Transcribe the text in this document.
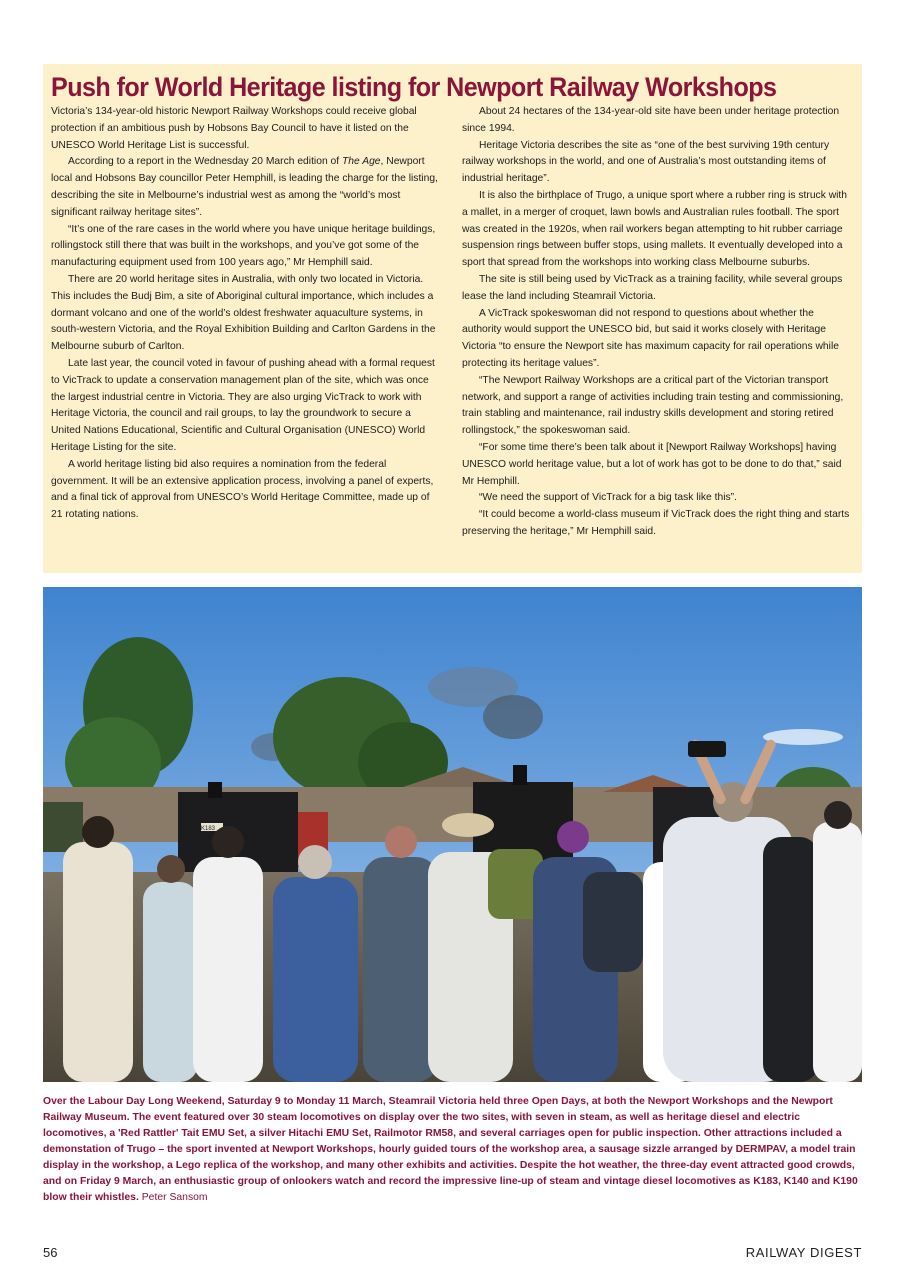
Push for World Heritage listing for Newport Railway Workshops

Victoria’s 134-year-old historic Newport Railway Workshops could receive global protection if an ambitious push by Hobsons Bay Council to have it listed on the UNESCO World Heritage List is successful.

According to a report in the Wednesday 20 March edition of The Age, Newport local and Hobsons Bay councillor Peter Hemphill, is leading the charge for the listing, describing the site in Melbourne’s industrial west as among the “world’s most significant railway heritage sites”.

“It’s one of the rare cases in the world where you have unique heritage buildings, rollingstock still there that was built in the workshops, and you’ve got some of the manufacturing equipment used from 100 years ago,” Mr Hemphill said.

There are 20 world heritage sites in Australia, with only two located in Victoria. This includes the Budj Bim, a site of Aboriginal cultural importance, which includes a dormant volcano and one of the world’s oldest freshwater aquaculture systems, in south-western Victoria, and the Royal Exhibition Building and Carlton Gardens in the Melbourne suburb of Carlton.

Late last year, the council voted in favour of pushing ahead with a formal request to VicTrack to update a conservation management plan of the site, which was once the largest industrial centre in Victoria. They are also urging VicTrack to work with Heritage Victoria, the council and rail groups, to lay the groundwork to secure a United Nations Educational, Scientific and Cultural Organisation (UNESCO) World Heritage Listing for the site.

A world heritage listing bid also requires a nomination from the federal government. It will be an extensive application process, involving a panel of experts, and a final tick of approval from UNESCO’s World Heritage Committee, made up of 21 rotating nations.

About 24 hectares of the 134-year-old site have been under heritage protection since 1994.

Heritage Victoria describes the site as “one of the best surviving 19th century railway workshops in the world, and one of Australia’s most outstanding items of industrial heritage”.

It is also the birthplace of Trugo, a unique sport where a rubber ring is struck with a mallet, in a merger of croquet, lawn bowls and Australian rules football. The sport was created in the 1920s, when rail workers began attempting to hit rubber carriage suspension rings between buffer stops, using mallets. It eventually developed into a sport that spread from the workshops into working class Melbourne suburbs.

The site is still being used by VicTrack as a training facility, while several groups lease the land including Steamrail Victoria.

A VicTrack spokeswoman did not respond to questions about whether the authority would support the UNESCO bid, but said it works closely with Heritage Victoria “to ensure the Newport site has maximum capacity for rail operations while protecting its heritage values”.

“The Newport Railway Workshops are a critical part of the Victorian transport network, and support a range of activities including train testing and commissioning, train stabling and maintenance, rail industry skills development and storing retired rollingstock,” the spokeswoman said.

“For some time there’s been talk about it [Newport Railway Workshops] having UNESCO world heritage value, but a lot of work has got to be done to do that,” said Mr Hemphill.

“We need the support of VicTrack for a big task like this”.

“It could become a world-class museum if VicTrack does the right thing and starts preserving the heritage,” Mr Hemphill said.

K183
Over the Labour Day Long Weekend, Saturday 9 to Monday 11 March, Steamrail Victoria held three Open Days, at both the Newport Workshops and the Newport Railway Museum. The event featured over 30 steam locomotives on display over the two sites, with seven in steam, as well as heritage diesel and electric locomotives, a 'Red Rattler' Tait EMU Set, a silver Hitachi EMU Set, Railmotor RM58, and several carriages open for public inspection. Other attractions included a demonstation of Trugo – the sport invented at Newport Workshops, hourly guided tours of the workshop area, a sausage sizzle arranged by DERMPAV, a model train display in the workshop, a Lego replica of the workshop, and many other exhibits and activities. Despite the hot weather, the three-day event attracted good crowds, and on Friday 9 March, an enthusiastic group of onlookers watch and record the impressive line-up of steam and vintage diesel locomotives as K183, K140 and K190 blow their whistles. Peter Sansom
56	RAILWAY DIGEST
